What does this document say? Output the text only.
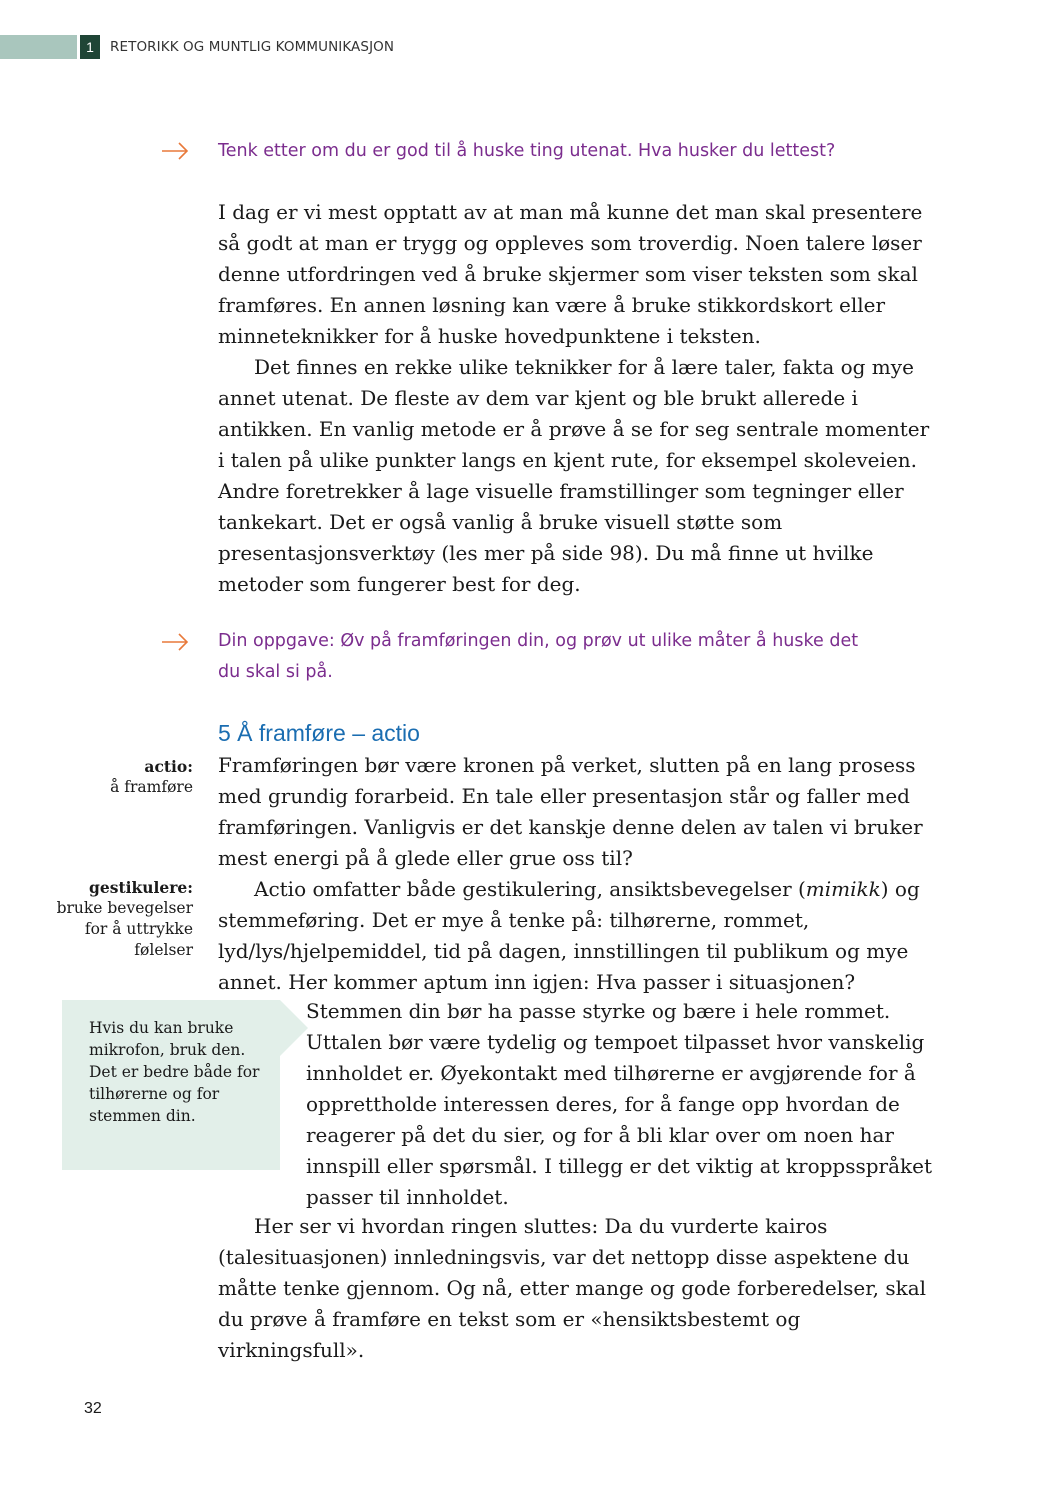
1	RETORIKK OG MUNTLIG KOMMUNIKASJON

Tenk etter om du er god til å huske ting utenat. Hva husker du lettest?

I dag er vi mest opptatt av at man må kunne det man skal presentere så godt at man er trygg og oppleves som troverdig. Noen talere løser denne utfordringen ved å bruke skjermer som viser teksten som skal framføres. En annen løsning kan være å bruke stikkordskort eller minneteknikker for å huske hovedpunktene i teksten.

Det finnes en rekke ulike teknikker for å lære taler, fakta og mye annet utenat. De fleste av dem var kjent og ble brukt allerede i antikken. En vanlig metode er å prøve å se for seg sentrale momenter i talen på ulike punkter langs en kjent rute, for eksempel skoleveien. Andre foretrekker å lage visuelle framstillinger som tegninger eller tankekart. Det er også vanlig å bruke visuell støtte som presentasjonsverktøy (les mer på side 98). Du må finne ut hvilke metoder som fungerer best for deg.

Din oppgave: Øv på framføringen din, og prøv ut ulike måter å huske det
du skal si på.
5 Å framføre – actio
actio:
å framføre
gestikulere:
bruke bevegelser for å uttrykke følelser

Framføringen bør være kronen på verket, slutten på en lang prosess med grundig forarbeid. En tale eller presentasjon står og faller med framføringen. Vanligvis er det kanskje denne delen av talen vi bruker mest energi på å glede eller grue oss til?

Actio omfatter både gestikulering, ansiktsbevegelser (mimikk) og stemmeføring. Det er mye å tenke på: tilhørerne, rommet, lyd/lys/hjelpemiddel, tid på dagen, innstillingen til publikum og mye annet. Her kommer aptum inn igjen: Hva passer i situasjonen?

Hvis du kan bruke mikrofon, bruk den. Det er bedre både for tilhørerne og for stemmen din.

Stemmen din bør ha passe styrke og bære i hele rommet. Uttalen bør være tydelig og tempoet tilpasset hvor vanskelig innholdet er. Øyekontakt med tilhørerne er avgjørende for å opprettholde interessen deres, for å fange opp hvordan de reagerer på det du sier, og for å bli klar over om noen har innspill eller spørsmål. I tillegg er det viktig at kroppsspråket passer til innholdet.

Her ser vi hvordan ringen sluttes: Da du vurderte kairos (talesituasjonen) innledningsvis, var det nettopp disse aspektene du måtte tenke gjennom. Og nå, etter mange og gode forberedelser, skal du prøve å framføre en tekst som er «hensiktsbestemt og virkningsfull».

32
